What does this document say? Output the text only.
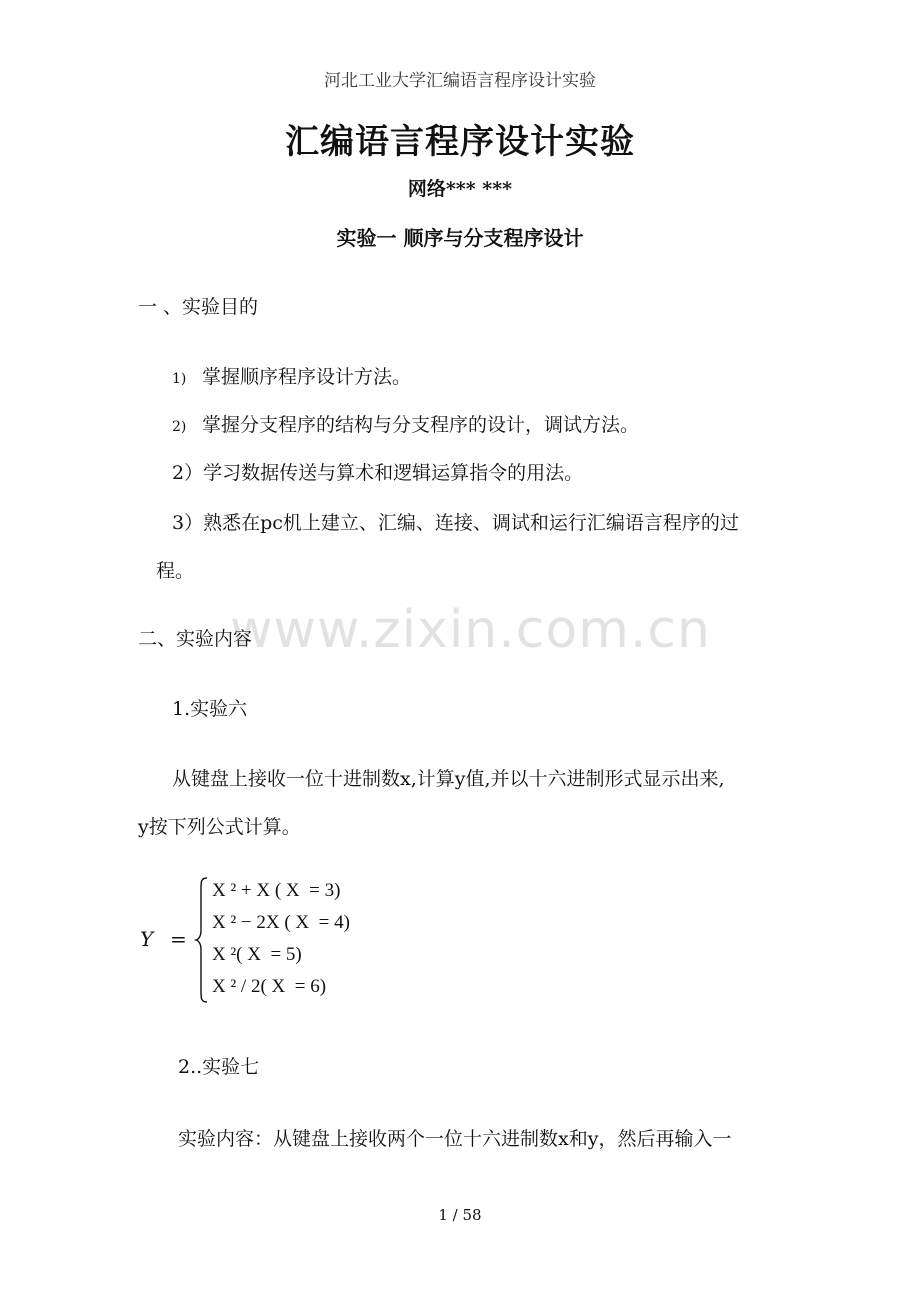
河北工业大学汇编语言程序设计实验
汇编语言程序设计实验
网络*** ***
实验一 顺序与分支程序设计
一 、实验目的
1) 掌握顺序程序设计方法。
2) 掌握分支程序的结构与分支程序的设计，调试方法。
2）学习数据传送与算术和逻辑运算指令的用法。
3）熟悉在pc机上建立、汇编、连接、调试和运行汇编语言程序的过
程。
www.zixin.com.cn
二、实验内容
1.实验六
从键盘上接收一位十进制数x,计算y值,并以十六进制形式显示出来,
y按下列公式计算。
Y =
X ² + X ( X  = 3)
X ² − 2X ( X  = 4)
X ²( X  = 5)
X ² / 2( X  = 6)
2..实验七
实验内容：从键盘上接收两个一位十六进制数x和y，然后再输入一
1 / 58
